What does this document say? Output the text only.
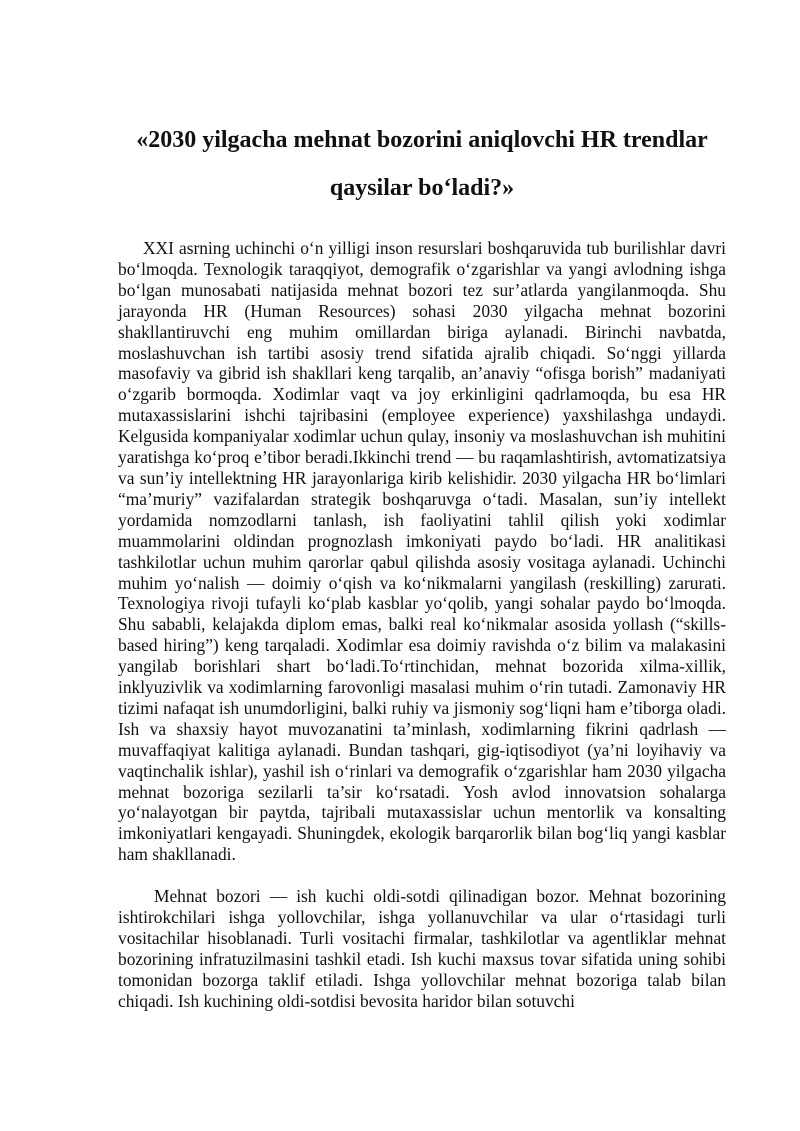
«2030 yilgacha mehnat bozorini aniqlovchi HR trendlar
qaysilar bo‘ladi?»

XXI asrning uchinchi o‘n yilligi inson resurslari boshqaruvida tub burilishlar davri bo‘lmoqda. Texnologik taraqqiyot, demografik o‘zgarishlar va yangi avlodning ishga bo‘lgan munosabati natijasida mehnat bozori tez sur’atlarda yangilanmoqda. Shu jarayonda HR (Human Resources) sohasi 2030 yilgacha mehnat bozorini shakllantiruvchi eng muhim omillardan biriga aylanadi. Birinchi navbatda, moslashuvchan ish tartibi asosiy trend sifatida ajralib chiqadi. So‘nggi yillarda masofaviy va gibrid ish shakllari keng tarqalib, an’anaviy “ofisga borish” madaniyati o‘zgarib bormoqda. Xodimlar vaqt va joy erkinligini qadrlamoqda, bu esa HR mutaxassislarini ishchi tajribasini (employee experience) yaxshilashga undaydi. Kelgusida kompaniyalar xodimlar uchun qulay, insoniy va moslashuvchan ish muhitini yaratishga ko‘proq e’tibor beradi.Ikkinchi trend — bu raqamlashtirish, avtomatizatsiya va sun’iy intellektning HR jarayonlariga kirib kelishidir. 2030 yilgacha HR bo‘limlari “ma’muriy” vazifalardan strategik boshqaruvga o‘tadi. Masalan, sun’iy intellekt yordamida nomzodlarni tanlash, ish faoliyatini tahlil qilish yoki xodimlar muammolarini oldindan prognozlash imkoniyati paydo bo‘ladi. HR analitikasi tashkilotlar uchun muhim qarorlar qabul qilishda asosiy vositaga aylanadi. Uchinchi muhim yo‘nalish — doimiy o‘qish va ko‘nikmalarni yangilash (reskilling) zarurati. Texnologiya rivoji tufayli ko‘plab kasblar yo‘qolib, yangi sohalar paydo bo‘lmoqda. Shu sababli, kelajakda diplom emas, balki real ko‘nikmalar asosida yollash (“skills-based hiring”) keng tarqaladi. Xodimlar esa doimiy ravishda o‘z bilim va malakasini yangilab borishlari shart bo‘ladi.To‘rtinchidan, mehnat bozorida xilma-xillik, inklyuzivlik va xodimlarning farovonligi masalasi muhim o‘rin tutadi. Zamonaviy HR tizimi nafaqat ish unumdorligini, balki ruhiy va jismoniy sog‘liqni ham e’tiborga oladi. Ish va shaxsiy hayot muvozanatini ta’minlash, xodimlarning fikrini qadrlash — muvaffaqiyat kalitiga aylanadi. Bundan tashqari, gig-iqtisodiyot (ya’ni loyihaviy va vaqtinchalik ishlar), yashil ish o‘rinlari va demografik o‘zgarishlar ham 2030 yilgacha mehnat bozoriga sezilarli ta’sir ko‘rsatadi. Yosh avlod innovatsion sohalarga yo‘nalayotgan bir paytda, tajribali mutaxassislar uchun mentorlik va konsalting imkoniyatlari kengayadi. Shuningdek, ekologik barqarorlik bilan bog‘liq yangi kasblar ham shakllanadi.

Mehnat bozori — ish kuchi oldi-sotdi qilinadigan bozor. Mehnat bozorining ishtirokchilari ishga yollovchilar, ishga yollanuvchilar va ular o‘rtasidagi turli vositachilar hisoblanadi. Turli vositachi firmalar, tashkilotlar va agentliklar mehnat bozorining infratuzilmasini tashkil etadi. Ish kuchi maxsus tovar sifatida uning sohibi tomonidan bozorga taklif etiladi. Ishga yollovchilar mehnat bozoriga talab bilan chiqadi. Ish kuchining oldi-sotdisi bevosita haridor bilan sotuvchi
